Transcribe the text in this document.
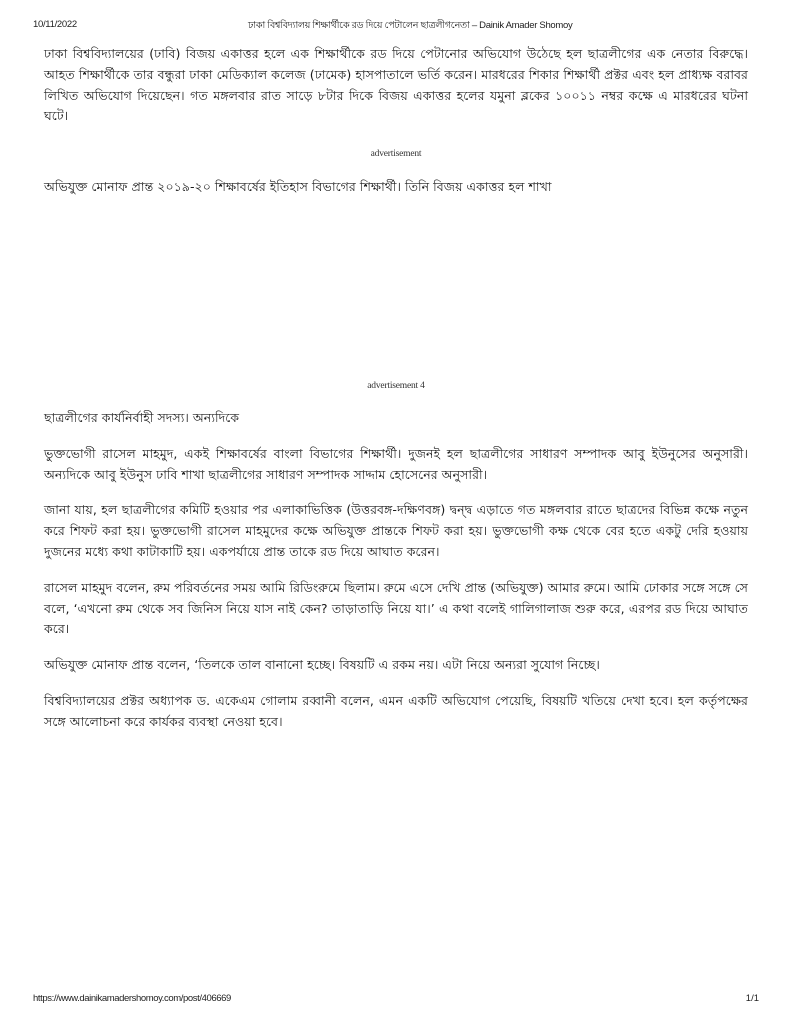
10/11/2022	ঢাকা বিশ্ববিদ্যালয় শিক্ষার্থীকে রড দিয়ে পেটালেন ছাত্রলীগনেতা – Dainik Amader Shomoy

ঢাকা বিশ্ববিদ্যালয়ের (ঢাবি) বিজয় একাত্তর হলে এক শিক্ষার্থীকে রড দিয়ে পেটানোর অভিযোগ উঠেছে হল ছাত্রলীগের এক নেতার বিরুদ্ধে। আহত শিক্ষার্থীকে তার বন্ধুরা ঢাকা মেডিক্যাল কলেজ (ঢামেক) হাসপাতালে ভর্তি করেন। মারধরের শিকার শিক্ষার্থী প্রক্টর এবং হল প্রাধ্যক্ষ বরাবর লিখিত অভিযোগ দিয়েছেন। গত মঙ্গলবার রাত সাড়ে ৮টার দিকে বিজয় একাত্তর হলের যমুনা ব্লকের ১০০১১ নম্বর কক্ষে এ মারধরের ঘটনা ঘটে।

advertisement

অভিযুক্ত মোনাফ প্রান্ত ২০১৯-২০ শিক্ষাবর্ষের ইতিহাস বিভাগের শিক্ষার্থী। তিনি বিজয় একাত্তর হল শাখা

advertisement 4

ছাত্রলীগের কার্যনির্বাহী সদস্য। অন্যদিকে

ভুক্তভোগী রাসেল মাহমুদ, একই শিক্ষাবর্ষের বাংলা বিভাগের শিক্ষার্থী। দুজনই হল ছাত্রলীগের সাধারণ সম্পাদক আবু ইউনুসের অনুসারী। অন্যদিকে আবু ইউনুস ঢাবি শাখা ছাত্রলীগের সাধারণ সম্পাদক সাদ্দাম হোসেনের অনুসারী।

জানা যায়, হল ছাত্রলীগের কমিটি হওয়ার পর এলাকাভিত্তিক (উত্তরবঙ্গ-দক্ষিণবঙ্গ) দ্বন্দ্ব এড়াতে গত মঙ্গলবার রাতে ছাত্রদের বিভিন্ন কক্ষে নতুন করে শিফট করা হয়। ভুক্তভোগী রাসেল মাহমুদের কক্ষে অভিযুক্ত প্রান্তকে শিফট করা হয়। ভুক্তভোগী কক্ষ থেকে বের হতে একটু দেরি হওয়ায় দুজনের মধ্যে কথা কাটাকাটি হয়। একপর্যায়ে প্রান্ত তাকে রড দিয়ে আঘাত করেন।

রাসেল মাহমুদ বলেন, রুম পরিবর্তনের সময় আমি রিডিংরুমে ছিলাম। রুমে এসে দেখি প্রান্ত (অভিযুক্ত) আমার রুমে। আমি ঢোকার সঙ্গে সঙ্গে সে বলে, ‘এখনো রুম থেকে সব জিনিস নিয়ে যাস নাই কেন? তাড়াতাড়ি নিয়ে যা।’ এ কথা বলেই গালিগালাজ শুরু করে, এরপর রড দিয়ে আঘাত করে।

অভিযুক্ত মোনাফ প্রান্ত বলেন, ‘তিলকে তাল বানানো হচ্ছে। বিষয়টি এ রকম নয়। এটা নিয়ে অন্যরা সুযোগ নিচ্ছে।

বিশ্ববিদ্যালয়ের প্রক্টর অধ্যাপক ড. একেএম গোলাম রব্বানী বলেন, এমন একটি অভিযোগ পেয়েছি, বিষয়টি খতিয়ে দেখা হবে। হল কর্তৃপক্ষের সঙ্গে আলোচনা করে কার্যকর ব্যবস্থা নেওয়া হবে।

https://www.dainikamadershomoy.com/post/406669	1/1
